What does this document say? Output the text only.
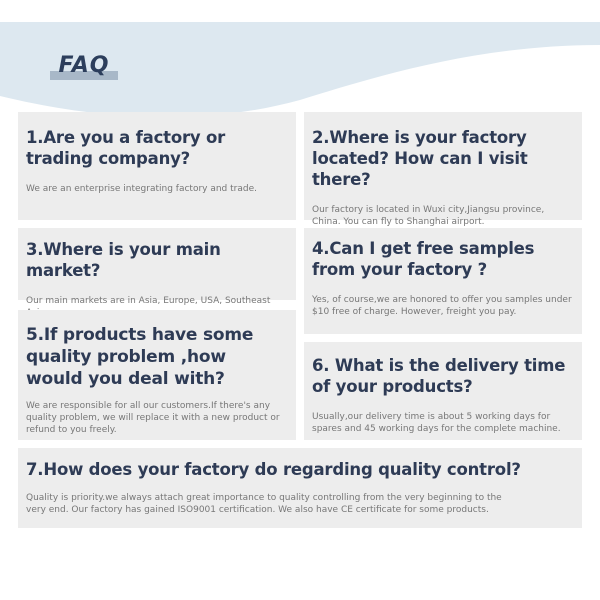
FAQ

1.Are you a factory or trading company?

We are an enterprise integrating factory and trade.

2.Where is your factory located? How can I visit there?

Our factory is located in Wuxi city,Jiangsu province, China. You can fly to Shanghai airport.

3.Where is your main market?

Our main markets are in Asia, Europe, USA, Southeast

4.Can I get free samples from your factory ?

Yes, of course,we are honored to offer you samples under $10 free of charge. However, freight you pay.

5.If products have some quality problem ,how would you deal with?

We are responsible for all our customers.If there's any quality problem, we will replace it with a new product or refund to you freely.

6. What is the delivery time of your products?

Usually,our delivery time is about 5 working days for spares and 45 working days for the complete machine.

7.How does your factory do regarding quality control?

Quality is priority.we always attach great importance to quality controlling from the very beginning to the very end. Our factory has gained ISO9001 certification. We also have CE certificate for some products.
